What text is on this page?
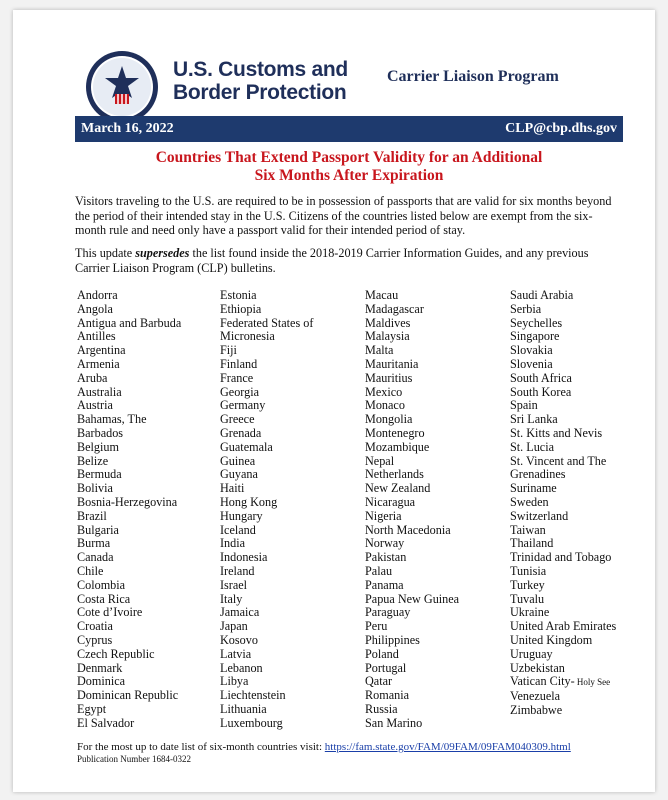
U.S. Customs and
Border Protection
Carrier Liaison Program
March 16, 2022	CLP@cbp.dhs.gov
Countries That Extend Passport Validity for an Additional
Six Months After Expiration
Visitors traveling to the U.S. are required to be in possession of passports that are valid for six months beyond the period of their intended stay in the U.S. Citizens of the countries listed below are exempt from the six-month rule and need only have a passport valid for their intended period of stay.
This update supersedes the list found inside the 2018-2019 Carrier Information Guides, and any previous Carrier Liaison Program (CLP) bulletins.
Andorra
Angola
Antigua and Barbuda
Antilles
Argentina
Armenia
Aruba
Australia
Austria
Bahamas, The
Barbados
Belgium
Belize
Bermuda
Bolivia
Bosnia-Herzegovina
Brazil
Bulgaria
Burma
Canada
Chile
Colombia
Costa Rica
Cote d’Ivoire
Croatia
Cyprus
Czech Republic
Denmark
Dominica
Dominican Republic
Egypt
El Salvador
Estonia
Ethiopia
Federated States of
Micronesia
Fiji
Finland
France
Georgia
Germany
Greece
Grenada
Guatemala
Guinea
Guyana
Haiti
Hong Kong
Hungary
Iceland
India
Indonesia
Ireland
Israel
Italy
Jamaica
Japan
Kosovo
Latvia
Lebanon
Libya
Liechtenstein
Lithuania
Luxembourg
Macau
Madagascar
Maldives
Malaysia
Malta
Mauritania
Mauritius
Mexico
Monaco
Mongolia
Montenegro
Mozambique
Nepal
Netherlands
New Zealand
Nicaragua
Nigeria
North Macedonia
Norway
Pakistan
Palau
Panama
Papua New Guinea
Paraguay
Peru
Philippines
Poland
Portugal
Qatar
Romania
Russia
San Marino
Saudi Arabia
Serbia
Seychelles
Singapore
Slovakia
Slovenia
South Africa
South Korea
Spain
Sri Lanka
St. Kitts and Nevis
St. Lucia
St. Vincent and The
Grenadines
Suriname
Sweden
Switzerland
Taiwan
Thailand
Trinidad and Tobago
Tunisia
Turkey
Tuvalu
Ukraine
United Arab Emirates
United Kingdom
Uruguay
Uzbekistan
Vatican City- Holy See
Venezuela
Zimbabwe
For the most up to date list of six-month countries visit: https://fam.state.gov/FAM/09FAM/09FAM040309.html
Publication Number 1684-0322
